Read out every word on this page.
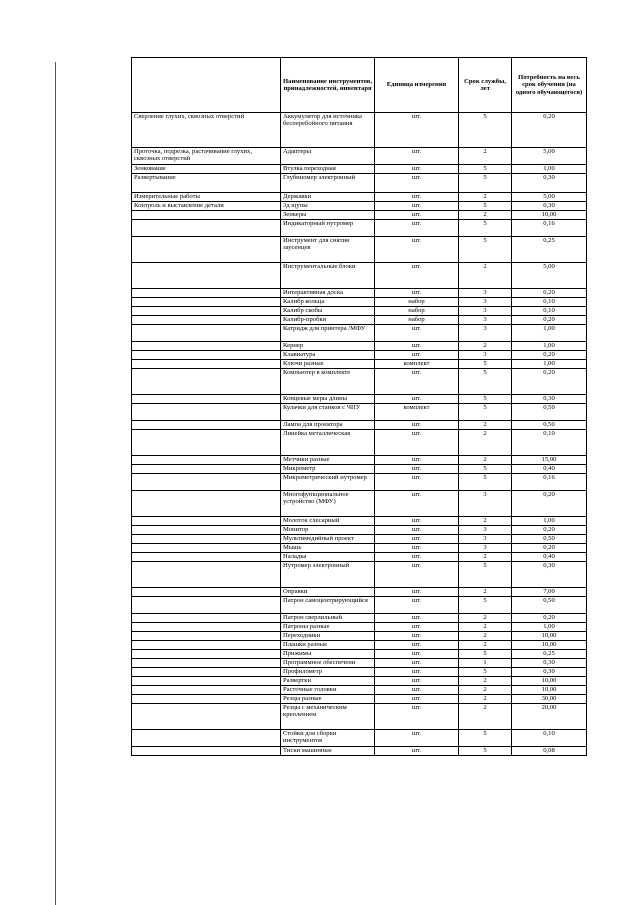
	Наименование инструментов, принадлежностей, инвентаря	Единица измерения	Срок службы, лет	Потребность на весь срок обучения (на одного обучающегося)
Сверление глухих, сквозных отверстий	Аккумулятор для источника бесперебойного питания	шт.	5	0,20
Проточка, подрезка, растачивание глухих, сквозных отверстий	Адаптеры	шт.	2	5,00
Зенкование	Втулка переходная	шт.	5	1,00
Развертывание	Глубиномер электронный	шт.	5	0,30
Измерительные работы	Державки	шт.	2	5,00
Контроль и выставление детали	3д щупы	шт.	5	0,30
	Зенкеры	шт.	2	10,00
	Индикаторный нутромер	шт.	5	0,16
	Инструмент для снятия заусенцев	шт.	5	0,25
	Инструментальные блоки	шт.	2	5,00
	Интерактивная доска	шт.	3	0,20
	Калибр кольца	набор	3	0,10
	Калибр скобы	набор	3	0,10
	Калибр-пробки	набор	3	0,20
	Катридж для принтера /МФУ	шт.	3	1,00
	Кернер	шт.	2	1,00
	Клавиатура	шт.	3	0,20
	Ключи разные	комплект	5	1,00
	Компьютер в комплекте	шт.	5	0,20
	Концевые меры длины	шт.	5	0,30
	Кулачки для станков с ЧПУ	комплект	5	0,50
	Лампа для проектора	шт.	2	0,50
	Линейка металлическая	шт.	2	0,10
	Метчики разные	шт.	2	15,00
	Микрометр	шт.	5	0,40
	Микрометрический нутромер	шт.	5	0,16
	Многофункциональное устройство (МФУ)	шт.	3	0,20
	Молоток слесарный	шт.	2	1,00
	Монитор	шт.	3	0,20
	Мультимедийный проект	шт.	3	0,50
	Мышь	шт.	3	0,20
	Наладка	шт.	2	0,40
	Нутромер электронный	шт.	5	0,30
	Оправки	шт.	2	7,00
	Патрон самоцентрирующийся	шт.	5	0,50
	Патрон сверлильный	шт.	2	0,20
	Патроны разные	шт.	2	1,00
	Переходники	шт.	2	10,00
	Плашки разные	шт.	2	10,00
	Прижимы	шт.	5	0,25
	Программное обеспечени	шт.	1	0,30
	Профилометр	шт.	5	0,30
	Развертки	шт.	2	10,00
	Расточные головки	шт.	2	10,00
	Резцы разные	шт.	2	30,00
	Резцы с механическим креплением	шт.	2	20,00
	Стойки для сборки инструментов	шт.	5	0,10
	Тиски машинные	шт.	5	0,08
